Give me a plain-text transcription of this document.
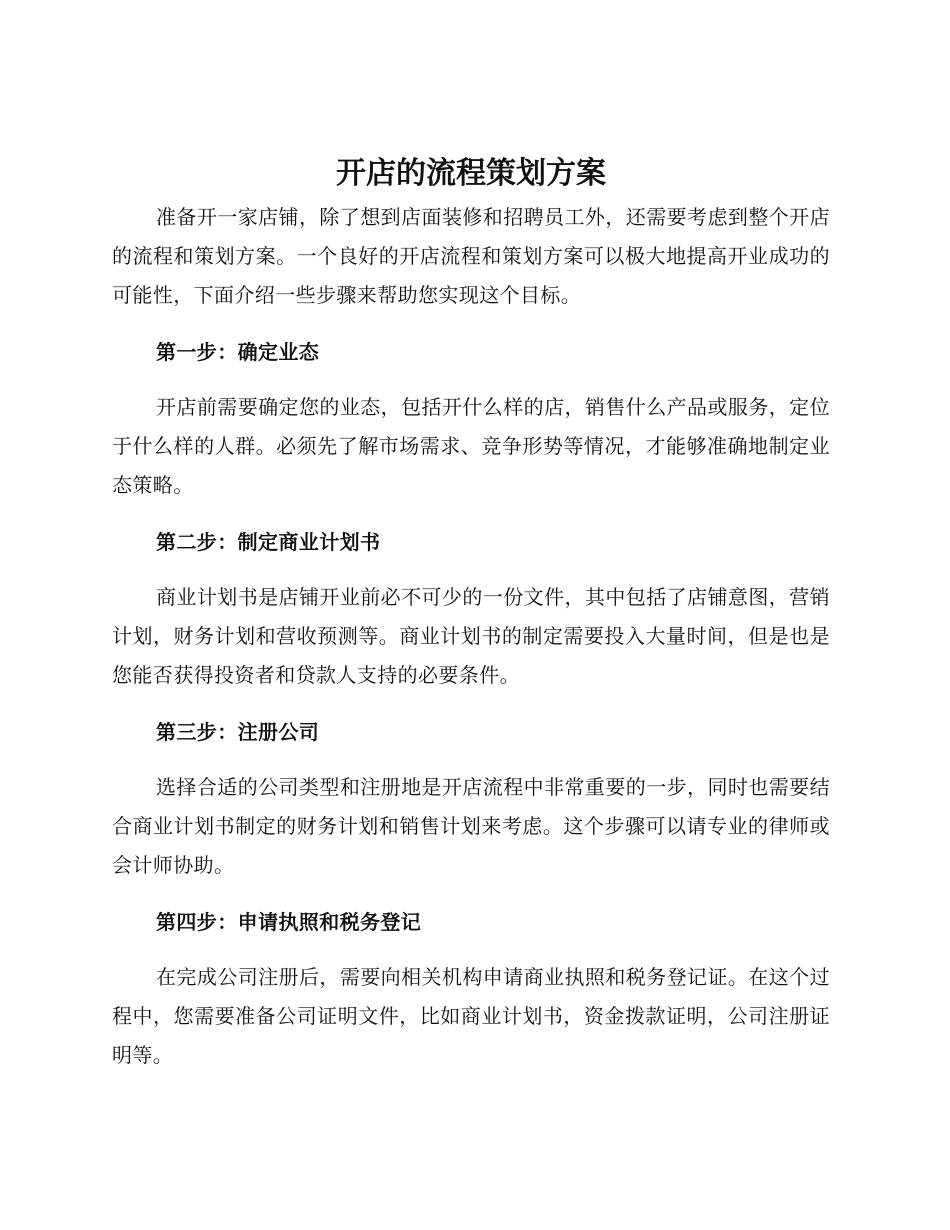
开店的流程策划方案

准备开一家店铺，除了想到店面装修和招聘员工外，还需要考虑到整个开店的流程和策划方案。一个良好的开店流程和策划方案可以极大地提高开业成功的可能性，下面介绍一些步骤来帮助您实现这个目标。

第一步：确定业态

开店前需要确定您的业态，包括开什么样的店，销售什么产品或服务，定位于什么样的人群。必须先了解市场需求、竞争形势等情况，才能够准确地制定业态策略。

第二步：制定商业计划书

商业计划书是店铺开业前必不可少的一份文件，其中包括了店铺意图，营销计划，财务计划和营收预测等。商业计划书的制定需要投入大量时间，但是也是您能否获得投资者和贷款人支持的必要条件。

第三步：注册公司

选择合适的公司类型和注册地是开店流程中非常重要的一步，同时也需要结合商业计划书制定的财务计划和销售计划来考虑。这个步骤可以请专业的律师或会计师协助。

第四步：申请执照和税务登记

在完成公司注册后，需要向相关机构申请商业执照和税务登记证。在这个过程中，您需要准备公司证明文件，比如商业计划书，资金拨款证明，公司注册证明等。
